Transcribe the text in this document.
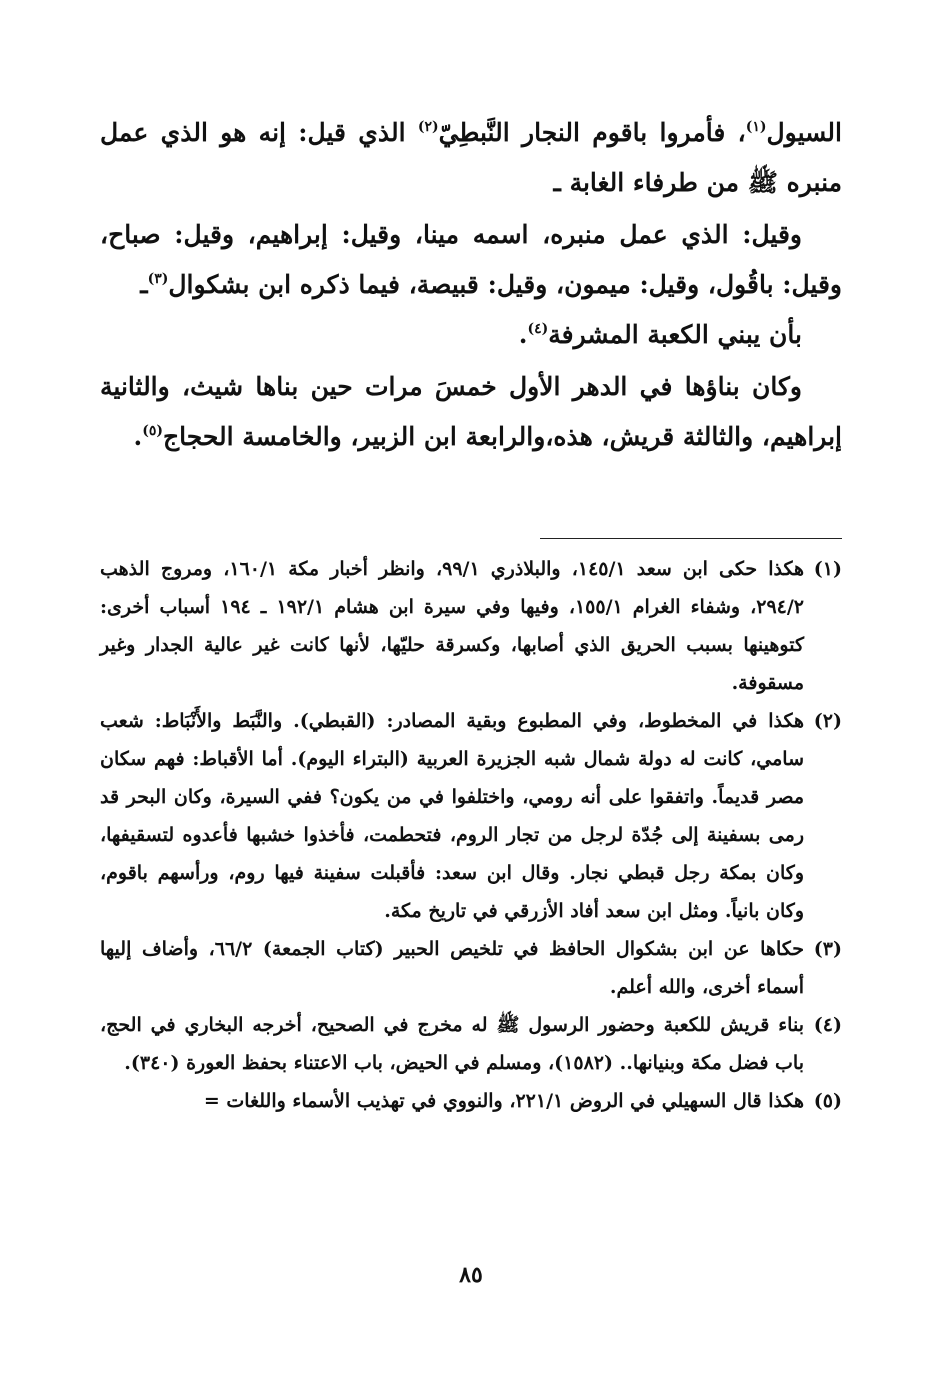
السيول$^{(١)}$، فأمروا باقوم النجار النَّبطِيّ$^{(٢)}$ الذي قيل: إنه هو الذي عمل منبره ﷺ من طرفاء الغابة ـ

وقيل: الذي عمل منبره، اسمه مينا، وقيل: إبراهيم، وقيل: صباح، وقيل: باقُول، وقيل: ميمون، وقيل: قبيصة، فيما ذكره ابن بشكوال$^{(٣)}$ـ

بأن يبني الكعبة المشرفة$^{(٤)}$.

وكان بناؤها في الدهر الأول خمسَ مرات حين بناها شيث، والثانية إبراهيم، والثالثة قريش، هذه،والرابعة ابن الزبير، والخامسة الحجاج$^{(٥)}$.

(١)
هكذا حكى ابن سعد ١٤٥/١، والبلاذري ٩٩/١، وانظر أخبار مكة ١٦٠/١، ومروج الذهب ٢٩٤/٢، وشفاء الغرام ١٥٥/١، وفيها وفي سيرة ابن هشام ١٩٢/١ ـ ١٩٤ أسباب أخرى: كتوهينها بسبب الحريق الذي أصابها، وكسرقة حليّها، لأنها كانت غير عالية الجدار وغير مسقوفة.
(٢)
هكذا في المخطوط، وفي المطبوع وبقية المصادر: (القبطي). والنَّبَط والأَنْبَاط: شعب سامي، كانت له دولة شمال شبه الجزيرة العربية (البتراء اليوم). أما الأقباط: فهم سكان مصر قديماً. واتفقوا على أنه رومي، واختلفوا في من يكون؟ ففي السيرة، وكان البحر قد رمى بسفينة إلى جُدّة لرجل من تجار الروم، فتحطمت، فأخذوا خشبها فأعدوه لتسقيفها، وكان بمكة رجل قبطي نجار. وقال ابن سعد: فأقبلت سفينة فيها روم، ورأسهم باقوم، وكان بانياً. ومثل ابن سعد أفاد الأزرقي في تاريخ مكة.
(٣)
حكاها عن ابن بشكوال الحافظ في تلخيص الحبير (كتاب الجمعة) ٦٦/٢، وأضاف إليها أسماء أخرى، والله أعلم.
(٤)
بناء قريش للكعبة وحضور الرسول ﷺ له مخرج في الصحيح، أخرجه البخاري في الحج، باب فضل مكة وبنيانها.. (١٥٨٢)، ومسلم في الحيض، باب الاعتناء بحفظ العورة (٣٤٠).
(٥)
هكذا قال السهيلي في الروض ٢٢١/١، والنووي في تهذيب الأسماء واللغات =
٨٥
